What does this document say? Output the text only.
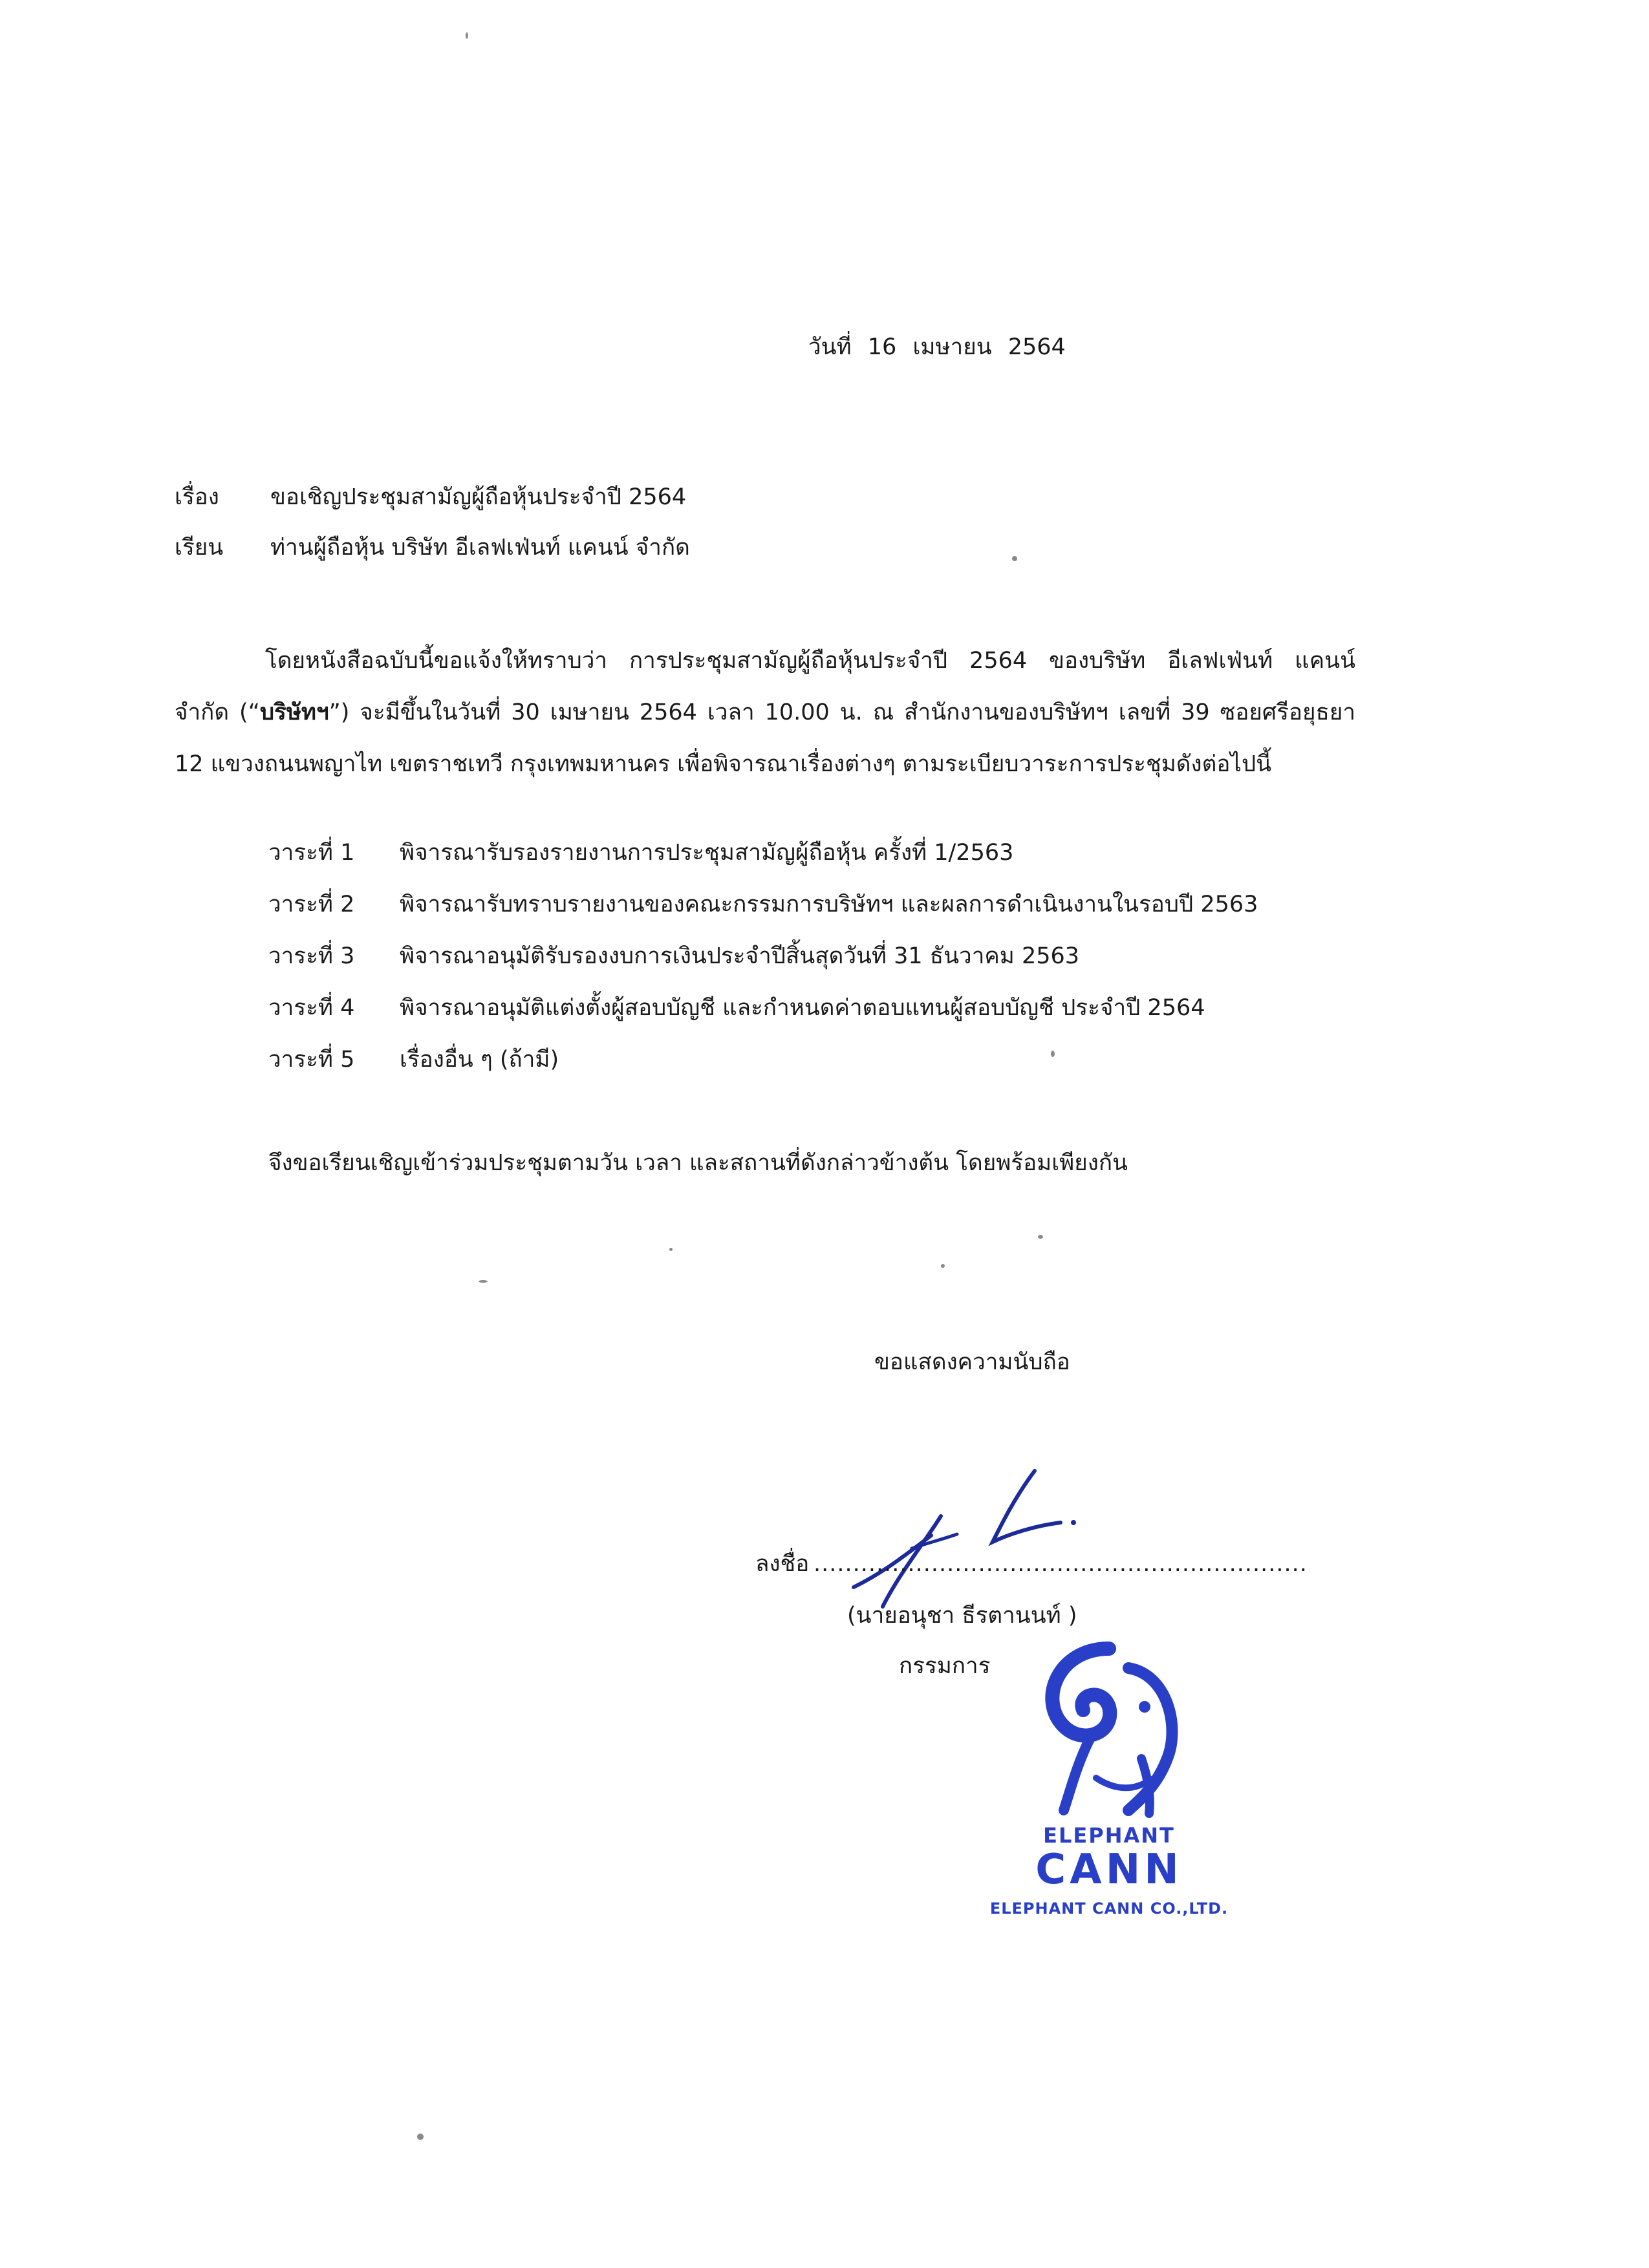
วันที่ 16 เมษายน 2564
เรื่อง ขอเชิญประชุมสามัญผู้ถือหุ้นประจำปี 2564
เรียน ท่านผู้ถือหุ้น บริษัท อีเลฟเฟ่นท์ แคนน์ จำกัด
โดยหนังสือฉบับนี้ขอแจ้งให้ทราบว่า การประชุมสามัญผู้ถือหุ้นประจำปี 2564 ของบริษัท อีเลฟเฟ่นท์ แคนน์
จำกัด (“บริษัทฯ”) จะมีขึ้นในวันที่ 30 เมษายน 2564 เวลา 10.00 น. ณ สำนักงานของบริษัทฯ เลขที่ 39 ซอยศรีอยุธยา
12 แขวงถนนพญาไท เขตราชเทวี กรุงเทพมหานคร เพื่อพิจารณาเรื่องต่างๆ ตามระเบียบวาระการประชุมดังต่อไปนี้
วาระที่ 1 พิจารณารับรองรายงานการประชุมสามัญผู้ถือหุ้น ครั้งที่ 1/2563
วาระที่ 2 พิจารณารับทราบรายงานของคณะกรรมการบริษัทฯ และผลการดำเนินงานในรอบปี 2563
วาระที่ 3 พิจารณาอนุมัติรับรองงบการเงินประจำปีสิ้นสุดวันที่ 31 ธันวาคม 2563
วาระที่ 4 พิจารณาอนุมัติแต่งตั้งผู้สอบบัญชี และกำหนดค่าตอบแทนผู้สอบบัญชี ประจำปี 2564
วาระที่ 5 เรื่องอื่น ๆ (ถ้ามี)
จึงขอเรียนเชิญเข้าร่วมประชุมตามวัน เวลา และสถานที่ดังกล่าวข้างต้น โดยพร้อมเพียงกัน
ขอแสดงความนับถือ
ลงชื่อ ...............................................................
(นายอนุชา ธีรตานนท์ )
กรรมการ
ELEPHANT
CANN
ELEPHANT CANN CO.,LTD.
